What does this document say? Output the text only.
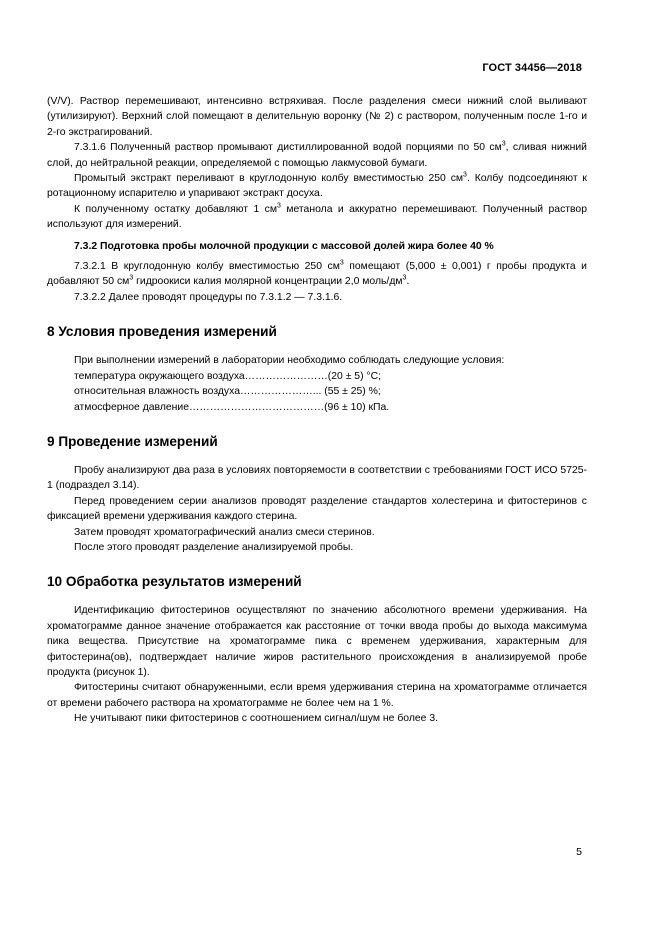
ГОСТ 34456—2018

(V/V). Раствор перемешивают, интенсивно встряхивая. После разделения смеси нижний слой выливают (утилизируют). Верхний слой помещают в делительную воронку (№ 2) с раствором, полученным после 1-го и 2-го экстрагирований.

7.3.1.6 Полученный раствор промывают дистиллированной водой порциями по 50 $см^3$, сливая нижний слой, до нейтральной реакции, определяемой с помощью лакмусовой бумаги.

Промытый экстракт переливают в круглодонную колбу вместимостью 250 $см^3$. Колбу подсоединяют к ротационному испарителю и упаривают экстракт досуха.

К полученному остатку добавляют 1 $см^3$ метанола и аккуратно перемешивают. Полученный раствор используют для измерений.

7.3.2 Подготовка пробы молочной продукции с массовой долей жира более 40 %

7.3.2.1 В круглодонную колбу вместимостью 250 $см^3$ помещают (5,000 ± 0,001) г пробы продукта и добавляют 50 $см^3$ гидроокиси калия молярной концентрации 2,0 моль/$дм^3$.

7.3.2.2 Далее проводят процедуры по 7.3.1.2 — 7.3.1.6.

8 Условия проведения измерений

При выполнении измерений в лаборатории необходимо соблюдать следующие условия:

температура окружающего воздуха……………………(20 ± 5) °С;

относительная влажность воздуха…………………... (55 ± 25) %;

атмосферное давление…………………………………(96 ± 10) кПа.

9 Проведение измерений

Пробу анализируют два раза в условиях повторяемости в соответствии с требованиями ГОСТ ИСО 5725-1 (подраздел 3.14).

Перед проведением серии анализов проводят разделение стандартов холестерина и фитостеринов с фиксацией времени удерживания каждого стерина.

Затем проводят хроматографический анализ смеси стеринов.

После этого проводят разделение анализируемой пробы.

10 Обработка результатов измерений

Идентификацию фитостеринов осуществляют по значению абсолютного времени удерживания. На хроматограмме данное значение отображается как расстояние от точки ввода пробы до выхода максимума пика вещества. Присутствие на хроматограмме пика с временем удерживания, характерным для фитостерина(ов), подтверждает наличие жиров растительного происхождения в анализируемой пробе продукта (рисунок 1).

Фитостерины считают обнаруженными, если время удерживания стерина на хроматограмме отличается от времени рабочего раствора на хроматограмме не более чем на 1 %.

Не учитывают пики фитостеринов с соотношением сигнал/шум не более 3.

5
